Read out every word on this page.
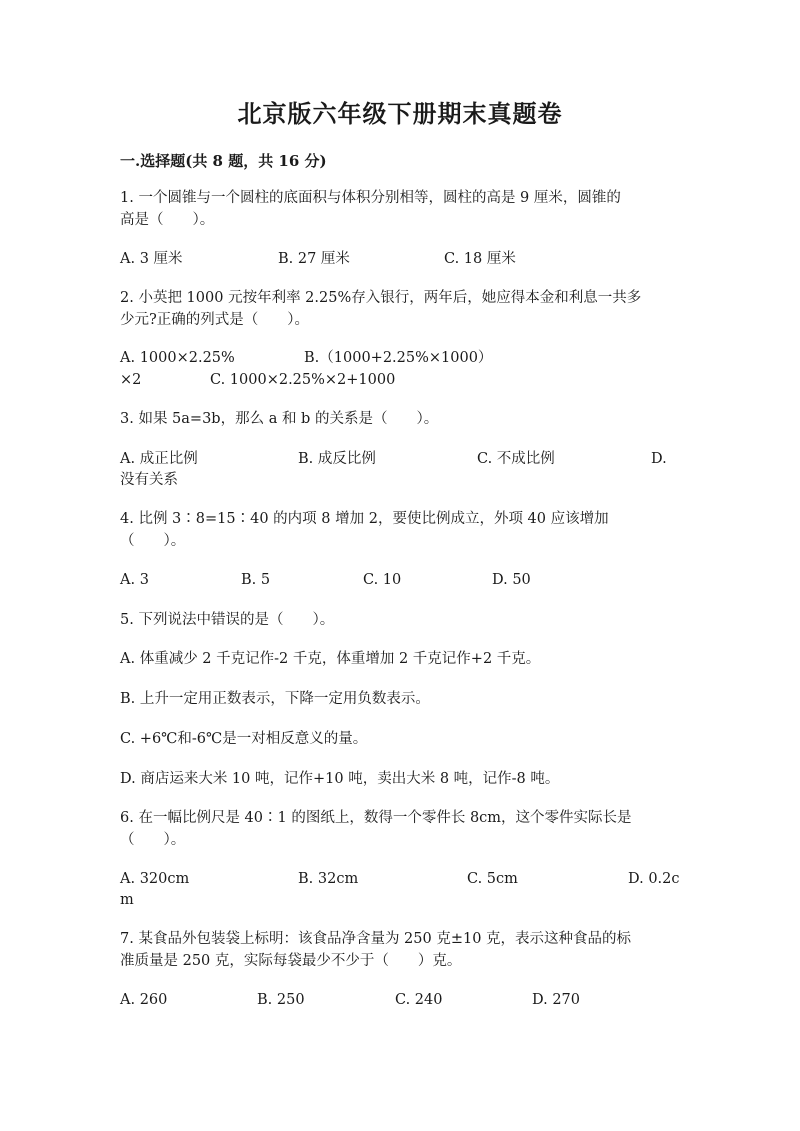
北京版六年级下册期末真题卷
一.选择题(共 8 题，共 16 分)
1. 一个圆锥与一个圆柱的底面积与体积分别相等，圆柱的高是 9 厘米，圆锥的
高是（　　）。
A. 3 厘米	B. 27 厘米	C. 18 厘米
2. 小英把 1000 元按年利率 2.25%存入银行，两年后，她应得本金和利息一共多
少元?正确的列式是（　　）。
A. 1000×2.25%	B.（1000+2.25%×1000）
×2	C. 1000×2.25%×2+1000
3. 如果 5a=3b，那么 a 和 b 的关系是（　　）。
A. 成正比例	B. 成反比例	C. 不成比例	D.
没有关系
4. 比例 3∶8=15∶40 的内项 8 增加 2，要使比例成立，外项 40 应该增加
（　　）。
A. 3	B. 5	C. 10	D. 50
5. 下列说法中错误的是（　　）。
A. 体重减少 2 千克记作-2 千克，体重增加 2 千克记作+2 千克。
B. 上升一定用正数表示，下降一定用负数表示。
C. +6℃和-6℃是一对相反意义的量。
D. 商店运来大米 10 吨，记作+10 吨，卖出大米 8 吨，记作-8 吨。
6. 在一幅比例尺是 40∶1 的图纸上，数得一个零件长 8cm，这个零件实际长是
（　　）。
A. 320cm	B. 32cm	C. 5cm	D. 0.2c
m
7. 某食品外包装袋上标明：该食品净含量为 250 克±10 克，表示这种食品的标
准质量是 250 克，实际每袋最少不少于（　　）克。
A. 260	B. 250	C. 240	D. 270
